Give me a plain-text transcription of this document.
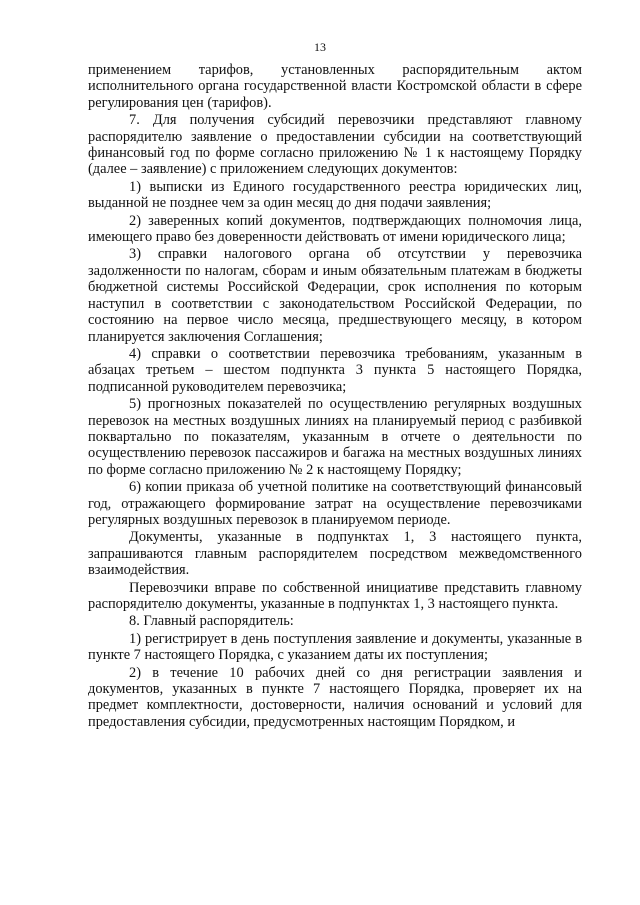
13

применением тарифов, установленных распорядительным актом исполнительного органа государственной власти Костромской области в сфере регулирования цен (тарифов).

7. Для получения субсидий перевозчики представляют главному распорядителю заявление о предоставлении субсидии на соответствующий финансовый год по форме согласно приложению № 1 к настоящему Порядку (далее – заявление) с приложением следующих документов:

1) выписки из Единого государственного реестра юридических лиц, выданной не позднее чем за один месяц до дня подачи заявления;

2) заверенных копий документов, подтверждающих полномочия лица, имеющего право без доверенности действовать от имени юридического лица;

3) справки налогового органа об отсутствии у перевозчика задолженности по налогам, сборам и иным обязательным платежам в бюджеты бюджетной системы Российской Федерации, срок исполнения по которым наступил в соответствии с законодательством Российской Федерации, по состоянию на первое число месяца, предшествующего месяцу, в котором планируется заключения Соглашения;

4) справки о соответствии перевозчика требованиям, указанным в абзацах третьем – шестом подпункта 3 пункта 5 настоящего Порядка, подписанной руководителем перевозчика;

5) прогнозных показателей по осуществлению регулярных воздушных перевозок на местных воздушных линиях на планируемый период с разбивкой поквартально по показателям, указанным в отчете о деятельности по осуществлению перевозок пассажиров и багажа на местных воздушных линиях по форме согласно приложению № 2 к настоящему Порядку;

6) копии приказа об учетной политике на соответствующий финансовый год, отражающего формирование затрат на осуществление перевозчиками регулярных воздушных перевозок в планируемом периоде.

Документы, указанные в подпунктах 1, 3 настоящего пункта, запрашиваются главным распорядителем посредством межведомственного взаимодействия.

Перевозчики вправе по собственной инициативе представить главному распорядителю документы, указанные в подпунктах 1, 3 настоящего пункта.

8. Главный распорядитель:

1) регистрирует в день поступления заявление и документы, указанные в пункте 7 настоящего Порядка, с указанием даты их поступления;

2) в течение 10 рабочих дней со дня регистрации заявления и документов, указанных в пункте 7 настоящего Порядка, проверяет их на предмет комплектности, достоверности, наличия оснований и условий для предоставления субсидии, предусмотренных настоящим Порядком, и
